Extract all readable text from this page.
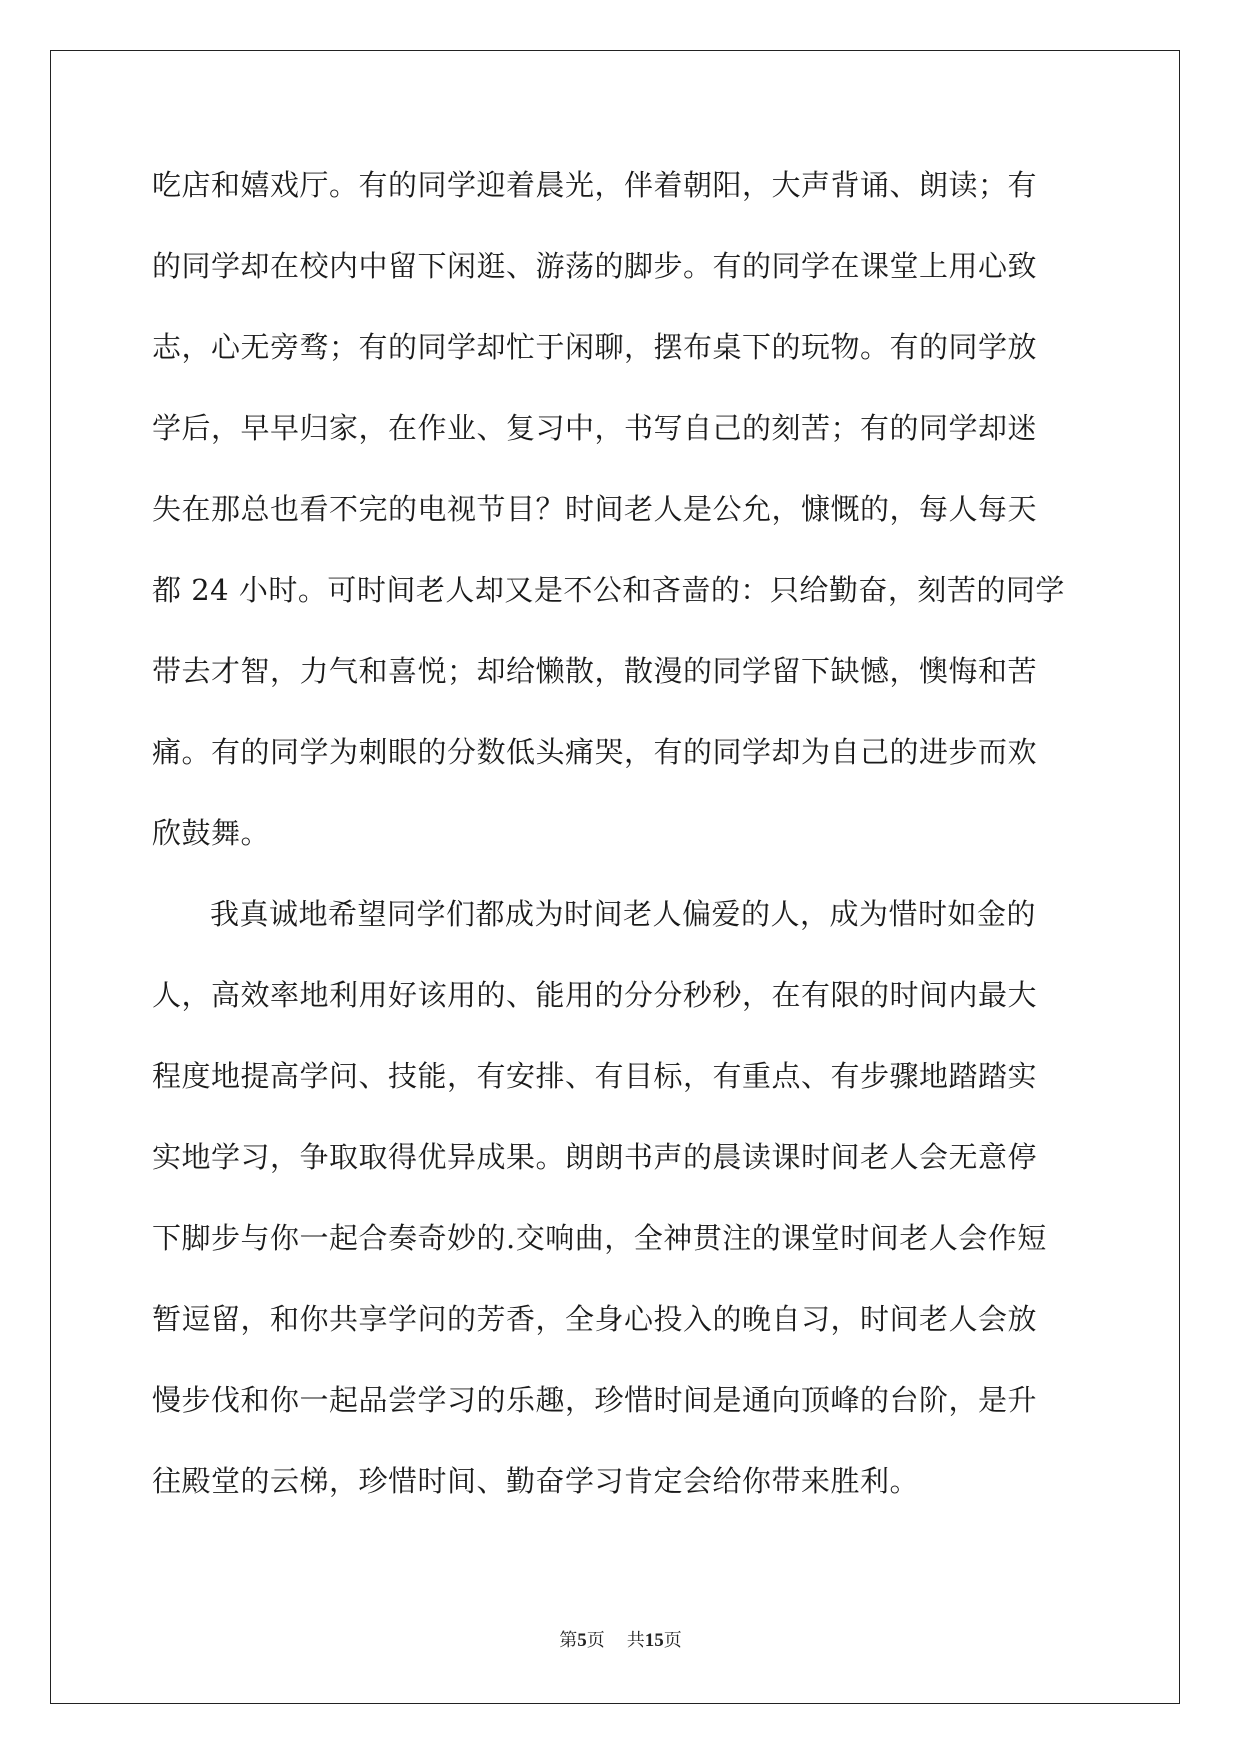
吃店和嬉戏厅。有的同学迎着晨光，伴着朝阳，大声背诵、朗读；有
的同学却在校内中留下闲逛、游荡的脚步。有的同学在课堂上用心致
志，心无旁骛；有的同学却忙于闲聊，摆布桌下的玩物。有的同学放
学后，早早归家，在作业、复习中，书写自己的刻苦；有的同学却迷
失在那总也看不完的电视节目？时间老人是公允，慷慨的，每人每天
都 24 小时。可时间老人却又是不公和吝啬的：只给勤奋，刻苦的同学
带去才智，力气和喜悦；却给懒散，散漫的同学留下缺憾，懊悔和苦
痛。有的同学为刺眼的分数低头痛哭，有的同学却为自己的进步而欢
欣鼓舞。
我真诚地希望同学们都成为时间老人偏爱的人，成为惜时如金的
人，高效率地利用好该用的、能用的分分秒秒，在有限的时间内最大
程度地提高学问、技能，有安排、有目标，有重点、有步骤地踏踏实
实地学习，争取取得优异成果。朗朗书声的晨读课时间老人会无意停
下脚步与你一起合奏奇妙的.交响曲，全神贯注的课堂时间老人会作短
暂逗留，和你共享学问的芳香，全身心投入的晚自习，时间老人会放
慢步伐和你一起品尝学习的乐趣，珍惜时间是通向顶峰的台阶，是升
往殿堂的云梯，珍惜时间、勤奋学习肯定会给你带来胜利。
第5页 共15页
